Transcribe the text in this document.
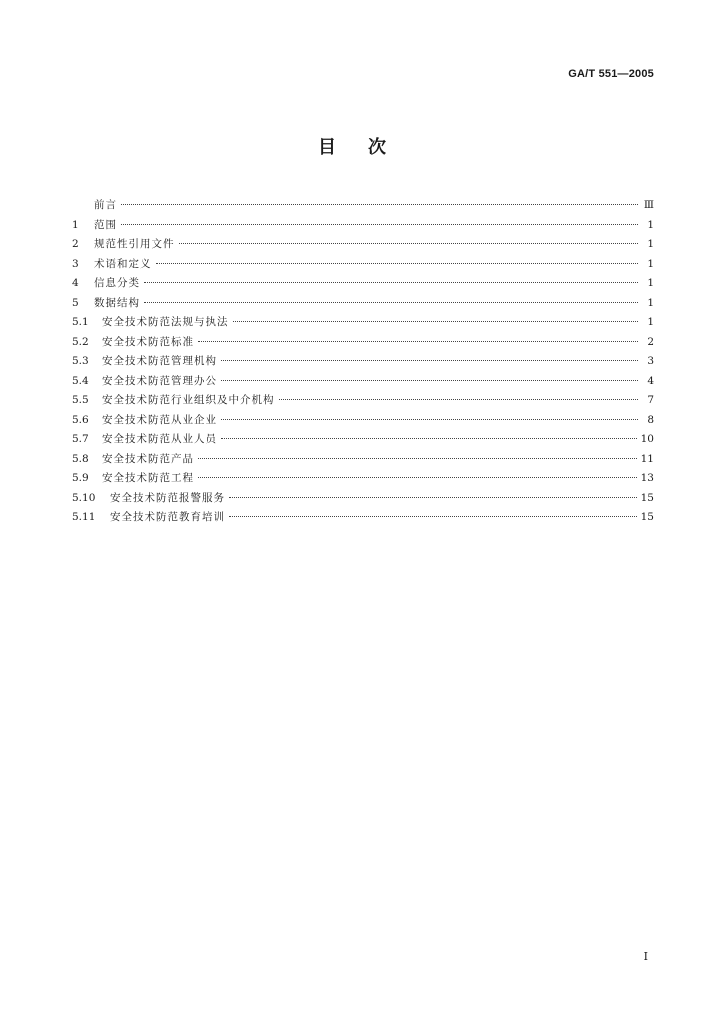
GA/T 551—2005
目次
前言	Ⅲ
1	范围	1
2	规范性引用文件	1
3	术语和定义	1
4	信息分类	1
5	数据结构	1
5.1	安全技术防范法规与执法	1
5.2	安全技术防范标准	2
5.3	安全技术防范管理机构	3
5.4	安全技术防范管理办公	4
5.5	安全技术防范行业组织及中介机构	7
5.6	安全技术防范从业企业	8
5.7	安全技术防范从业人员	10
5.8	安全技术防范产品	11
5.9	安全技术防范工程	13
5.10	安全技术防范报警服务	15
5.11	安全技术防范教育培训	15
I
